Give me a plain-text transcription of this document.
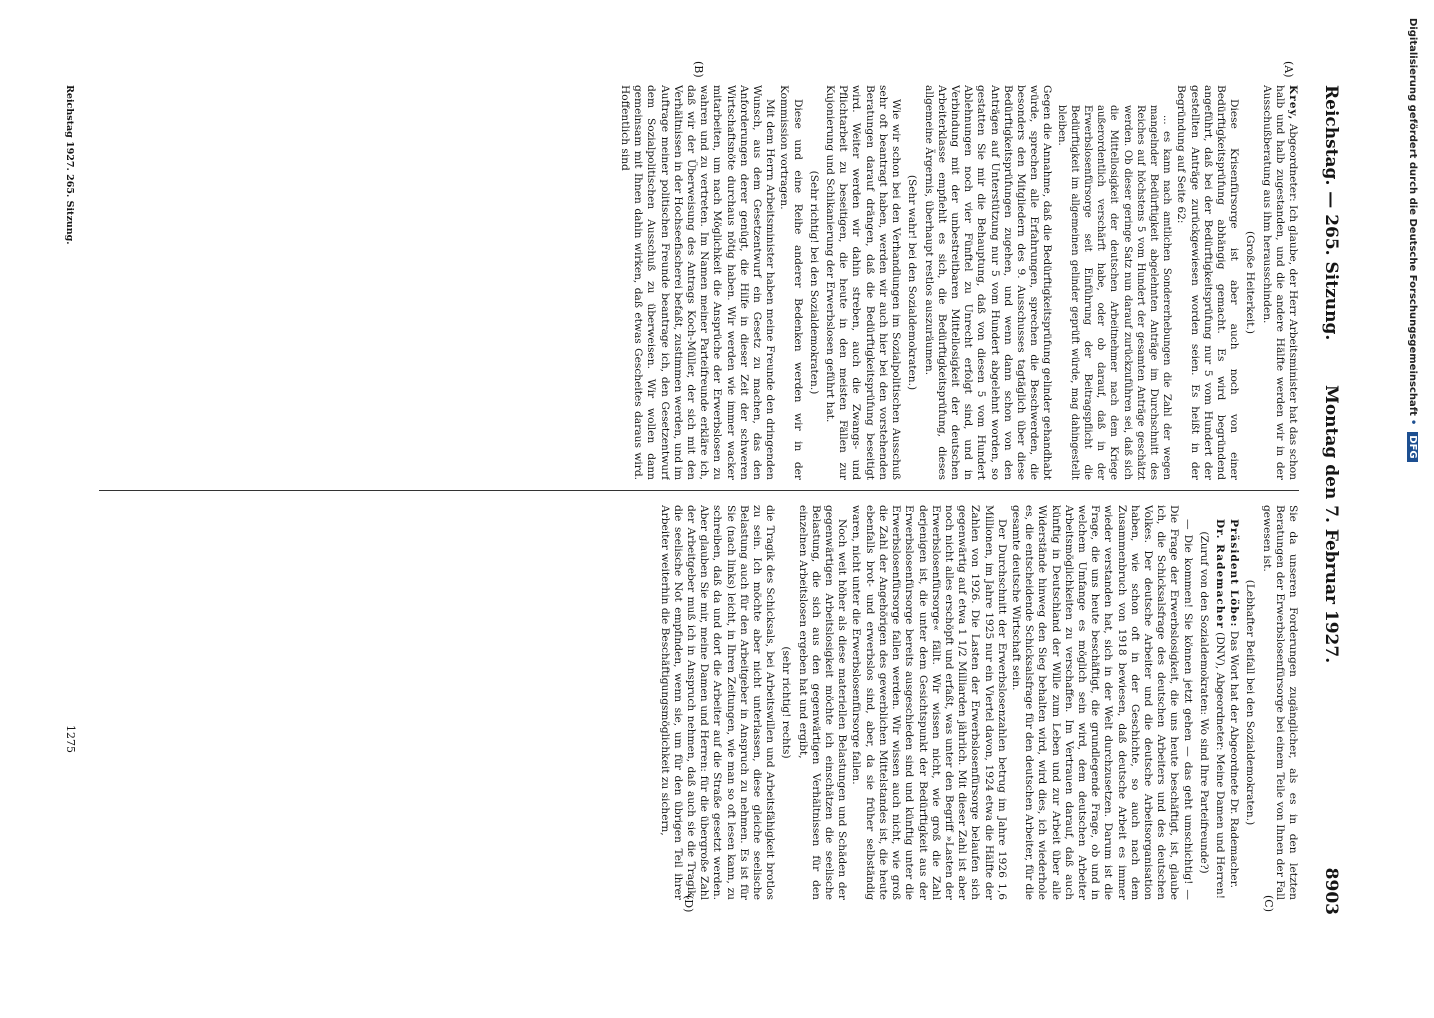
Reichstag. — 265. Sitzung.
Montag den 7. Februar 1927.
8903
(A)
(B)
(C)
(D)

Krey, Abgeordneter: Ich glaube, der Herr Arbeitsminister hat das schon halb und halb zugestanden, und die andere Hälfte werden wir in der Ausschußberatung aus ihm herausschinden.

(Große Heiterkeit.)

Diese Krisenfürsorge ist aber auch noch von einer Bedürftigkeitsprüfung abhängig gemacht. Es wird begründend angeführt, daß bei der Bedürftigkeitsprüfung nur 5 vom Hundert der gestellten Anträge zurückgewiesen worden seien. Es heißt in der Begründung auf Seite 62:

... es kann nach amtlichen Sondererhebungen die Zahl der wegen mangelnder Bedürftigkeit abgelehnten Anträge im Durchschnitt des Reiches auf höchstens 5 vom Hundert der gesamten Anträge geschätzt werden. Ob dieser geringe Satz nun darauf zurückzuführen sei, daß sich die Mittellosigkeit der deutschen Arbeitnehmer nach dem Kriege außerordentlich verschärft habe, oder ob darauf, daß in der Erwerbslosenfürsorge seit Einführung der Beitragspflicht die Bedürftigkeit im allgemeinen gelinder geprüft würde, mag dahingestellt bleiben.

Gegen die Annahme, daß die Bedürftigkeitsprüfung gelinder gehandhabt würde, sprechen alle Erfahrungen, sprechen die Beschwerden, die besonders den Mitgliedern des 9. Ausschusses tagtäglich über diese Bedürftigkeitsprüfungen zugehen, und wenn dann schon von den Anträgen auf Unterstützung nur 5 vom Hundert abgelehnt worden, so gestatten Sie mir die Behauptung, daß von diesen 5 vom Hundert Ablehnungen noch vier Fünftel zu Unrecht erfolgt sind, und in Verbindung mit der unbestreitbaren Mittellosigkeit der deutschen Arbeiterklasse empfiehlt es sich, die Bedürftigkeitsprüfung, dieses allgemeine Ärgernis, überhaupt restlos auszuräumen.

(Sehr wahr! bei den Sozialdemokraten.)

Wie wir schon bei den Verhandlungen im Sozialpolitischen Ausschuß sehr oft beantragt haben, werden wir auch hier bei den vorstehenden Beratungen darauf drängen, daß die Bedürftigkeitsprüfung beseitigt wird. Weiter werden wir dahin streben, auch die Zwangs- und Pflichtarbeit zu beseitigen, die heute in den meisten Fällen zur Kujonierung und Schikanierung der Erwerbslosen geführt hat.

(Sehr richtig! bei den Sozialdemokraten.)

Diese und eine Reihe anderer Bedenken werden wir in der Kommission vortragen.

Mit dem Herrn Arbeitsminister haben meine Freunde den dringenden Wunsch, aus dem Gesetzentwurf ein Gesetz zu machen, das den Anforderungen derer genügt, die Hilfe in dieser Zeit der schweren Wirtschaftsnöte durchaus nötig haben. Wir werden wie immer wacker mitarbeiten, um nach Möglichkeit die Ansprüche der Erwerbslosen zu wahren und zu vertreten. Im Namen meiner Parteifreunde erkläre ich, daß wir der Überweisung des Antrags Koch-Müller, der sich mit den Verhältnissen in der Hochseefischerei befaßt, zustimmen werden, und im Auftrage meiner politischen Freunde beantrage ich, den Gesetzentwurf dem Sozialpolitischen Ausschuß zu überweisen. Wir wollen dann gemeinsam mit Ihnen dahin wirken, daß etwas Gescheites daraus wird. Hoffentlich sind

Sie da unseren Forderungen zugänglicher, als es in den letzten Beratungen der Erwerbslosenfürsorge bei einem Teile von Ihnen der Fall gewesen ist.

(Lebhafter Beifall bei den Sozialdemokraten.)

Präsident Löbe: Das Wort hat der Abgeordnete Dr. Rademacher.

Dr. Rademacher (DNV), Abgeordneter: Meine Damen und Herren!

(Zuruf von den Sozialdemokraten: Wo sind Ihre Parteifreunde?)

— Die kommen! Sie können jetzt gehen — das geht umschichtig! — Die Frage der Erwerbslosigkeit, die uns heute beschäftigt, ist, glaube ich, die Schicksalsfrage des deutschen Arbeiters und des deutschen Volkes. Der deutsche Arbeiter und die deutsche Arbeitsorganisation haben, wie schon oft in der Geschichte, so auch nach dem Zusammenbruch von 1918 bewiesen, daß deutsche Arbeit es immer wieder verstanden hat, sich in der Welt durchzusetzen. Darum ist die Frage, die uns heute beschäftigt, die grundlegende Frage, ob und in welchem Umfange es möglich sein wird, dem deutschen Arbeiter Arbeitsmöglichkeiten zu verschaffen. Im Vertrauen darauf, daß auch künftig in Deutschland der Wille zum Leben und zur Arbeit über alle Widerstände hinweg den Sieg behalten wird, wird dies, ich wiederhole es, die entscheidende Schicksalsfrage für den deutschen Arbeiter, für die gesamte deutsche Wirtschaft sein.

Der Durchschnitt der Erwerbslosenzahlen betrug im Jahre 1926 1,6 Millionen, im Jahre 1925 nur ein Viertel davon, 1924 etwa die Hälfte der Zahlen von 1926. Die Lasten der Erwerbslosenfürsorge belaufen sich gegenwärtig auf etwa 1 1/2 Milliarden jährlich. Mit dieser Zahl ist aber noch nicht alles erschöpft und erfaßt, was unter den Begriff »Lasten der Erwerbslosenfürsorge« fällt. Wir wissen nicht, wie groß die Zahl derjenigen ist, die unter dem Gesichtspunkt der Bedürftigkeit aus der Erwerbslosenfürsorge bereits ausgeschieden sind und künftig unter die Erwerbslosenfürsorge fallen werden. Wir wissen auch nicht, wie groß die Zahl der Angehörigen des gewerblichen Mittelstandes ist, die heute ebenfalls brot- und erwerbslos sind, aber, da sie früher selbständig waren, nicht unter die Erwerbslosenfürsorge fallen.

Noch weit höher als diese materiellen Belastungen und Schäden der gegenwärtigen Arbeitslosigkeit möchte ich einschätzen die seelische Belastung, die sich aus den gegenwärtigen Verhältnissen für den einzelnen Arbeitslosen ergeben hat und ergibt,

(sehr richtig! rechts)

die Tragik des Schicksals, bei Arbeitswillen und Arbeitsfähigkeit brotlos zu sein. Ich möchte aber nicht unterlassen, diese gleiche seelische Belastung auch für den Arbeitgeber in Anspruch zu nehmen. Es ist für Sie (nach links) leicht, in Ihren Zeitungen, wie man so oft lesen kann, zu schreiben, daß da und dort die Arbeiter auf die Straße gesetzt werden. Aber glauben Sie mir, meine Damen und Herren: für die übergroße Zahl der Arbeitgeber muß ich in Anspruch nehmen, daß auch sie die Tragik, die seelische Not empfinden, wenn sie, um für den übrigen Teil ihrer Arbeiter weiterhin die Beschäftigungsmöglichkeit zu sichern,

Reichstag 1927. 265. Sitzung.
1275
Digitalisierung gefördert durch die Deutsche Forschungsgemeinschaft•DFG
